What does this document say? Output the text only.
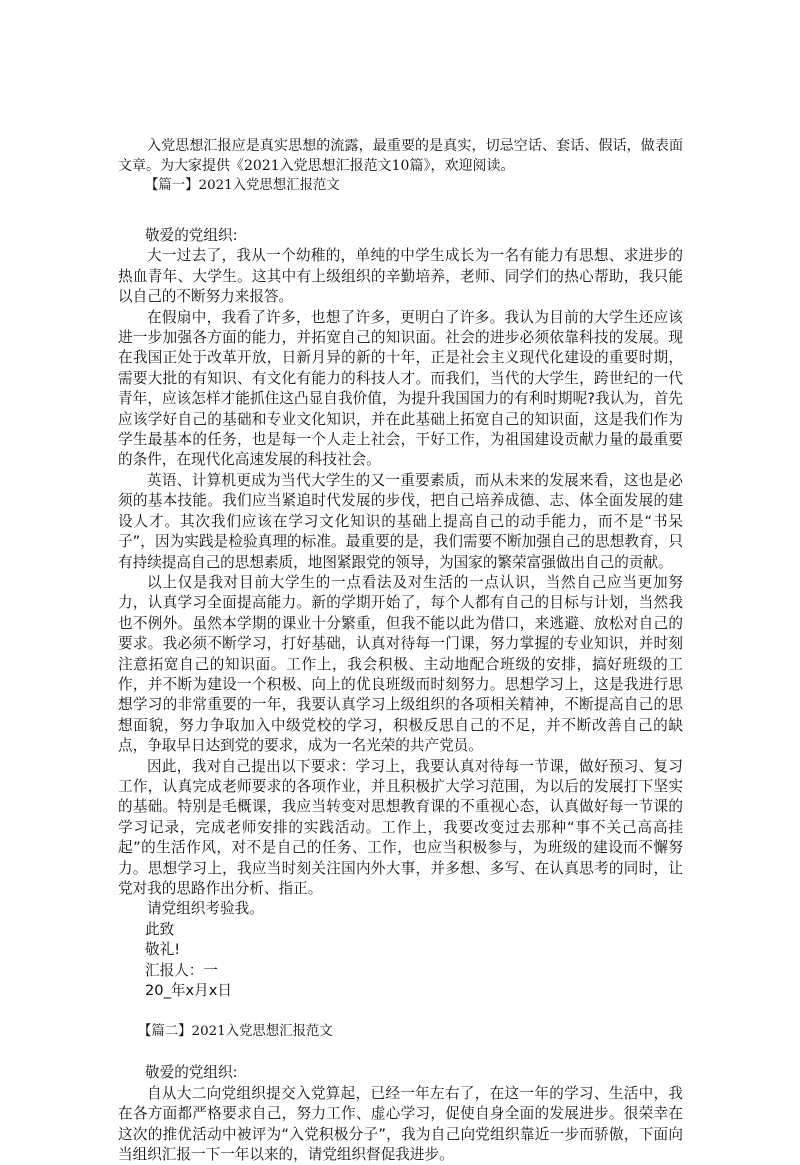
入党思想汇报应是真实思想的流露，最重要的是真实，切忌空话、套话、假话，做表面文章。为大家提供《2021入党思想汇报范文10篇》，欢迎阅读。

【篇一】2021入党思想汇报范文

敬爱的党组织:

大一过去了，我从一个幼稚的，单纯的中学生成长为一名有能力有思想、求进步的热血青年、大学生。这其中有上级组织的辛勤培养，老师、同学们的热心帮助，我只能以自己的不断努力来报答。

在假扇中，我看了许多，也想了许多，更明白了许多。我认为目前的大学生还应该进一步加强各方面的能力，并拓宽自己的知识面。社会的进步必须依靠科技的发展。现在我国正处于改革开放，日新月异的新的十年，正是社会主义现代化建设的重要时期，需要大批的有知识、有文化有能力的科技人才。而我们，当代的大学生，跨世纪的一代青年，应该怎样才能抓住这凸显自我价值，为提升我国国力的有利时期呢?我认为，首先应该学好自己的基础和专业文化知识，并在此基础上拓宽自己的知识面，这是我们作为学生最基本的任务，也是每一个人走上社会，干好工作，为祖国建设贡献力量的最重要的条件，在现代化高速发展的科技社会。

英语、计算机更成为当代大学生的又一重要素质，而从未来的发展来看，这也是必须的基本技能。我们应当紧追时代发展的步伐，把自己培养成德、志、体全面发展的建设人才。其次我们应该在学习文化知识的基础上提高自己的动手能力，而不是“书呆子”，因为实践是检验真理的标准。最重要的是，我们需要不断加强自己的思想教育，只有持续提高自己的思想素质，地图紧跟党的领导，为国家的繁荣富强做出自己的贡献。

以上仅是我对目前大学生的一点看法及对生活的一点认识，当然自己应当更加努力，认真学习全面提高能力。新的学期开始了，每个人都有自己的目标与计划，当然我也不例外。虽然本学期的课业十分繁重，但我不能以此为借口，来逃避、放松对自己的要求。我必须不断学习，打好基础，认真对待每一门课，努力掌握的专业知识，并时刻注意拓宽自己的知识面。工作上，我会积极、主动地配合班级的安排，搞好班级的工作，并不断为建设一个积极、向上的优良班级而时刻努力。思想学习上，这是我进行思想学习的非常重要的一年，我要认真学习上级组织的各项相关精神，不断提高自己的思想面貌，努力争取加入中级党校的学习，积极反思自己的不足，并不断改善自己的缺点，争取早日达到党的要求，成为一名光荣的共产党员。

因此，我对自己提出以下要求：学习上，我要认真对待每一节课，做好预习、复习工作，认真完成老师要求的各项作业，并且积极扩大学习范围，为以后的发展打下坚实的基础。特别是毛概课，我应当转变对思想教育课的不重视心态，认真做好每一节课的学习记录，完成老师安排的实践活动。工作上，我要改变过去那种“事不关己高高挂起”的生活作风，对不是自己的任务、工作，也应当积极参与，为班级的建设而不懈努力。思想学习上，我应当时刻关注国内外大事，并多想、多写、在认真思考的同时，让党对我的思路作出分析、指正。

请党组织考验我。

此致

敬礼!

汇报人：一

20_年x月x日

【篇二】2021入党思想汇报范文

敬爱的党组织:

自从大二向党组织提交入党算起，已经一年左右了，在这一年的学习、生活中，我在各方面都严格要求自己，努力工作、虚心学习，促使自身全面的发展进步。很荣幸在这次的推优活动中被评为“入党积极分子”，我为自己向党组织靠近一步而骄傲，下面向当组织汇报一下一年以来的，请党组织督促我进步。
